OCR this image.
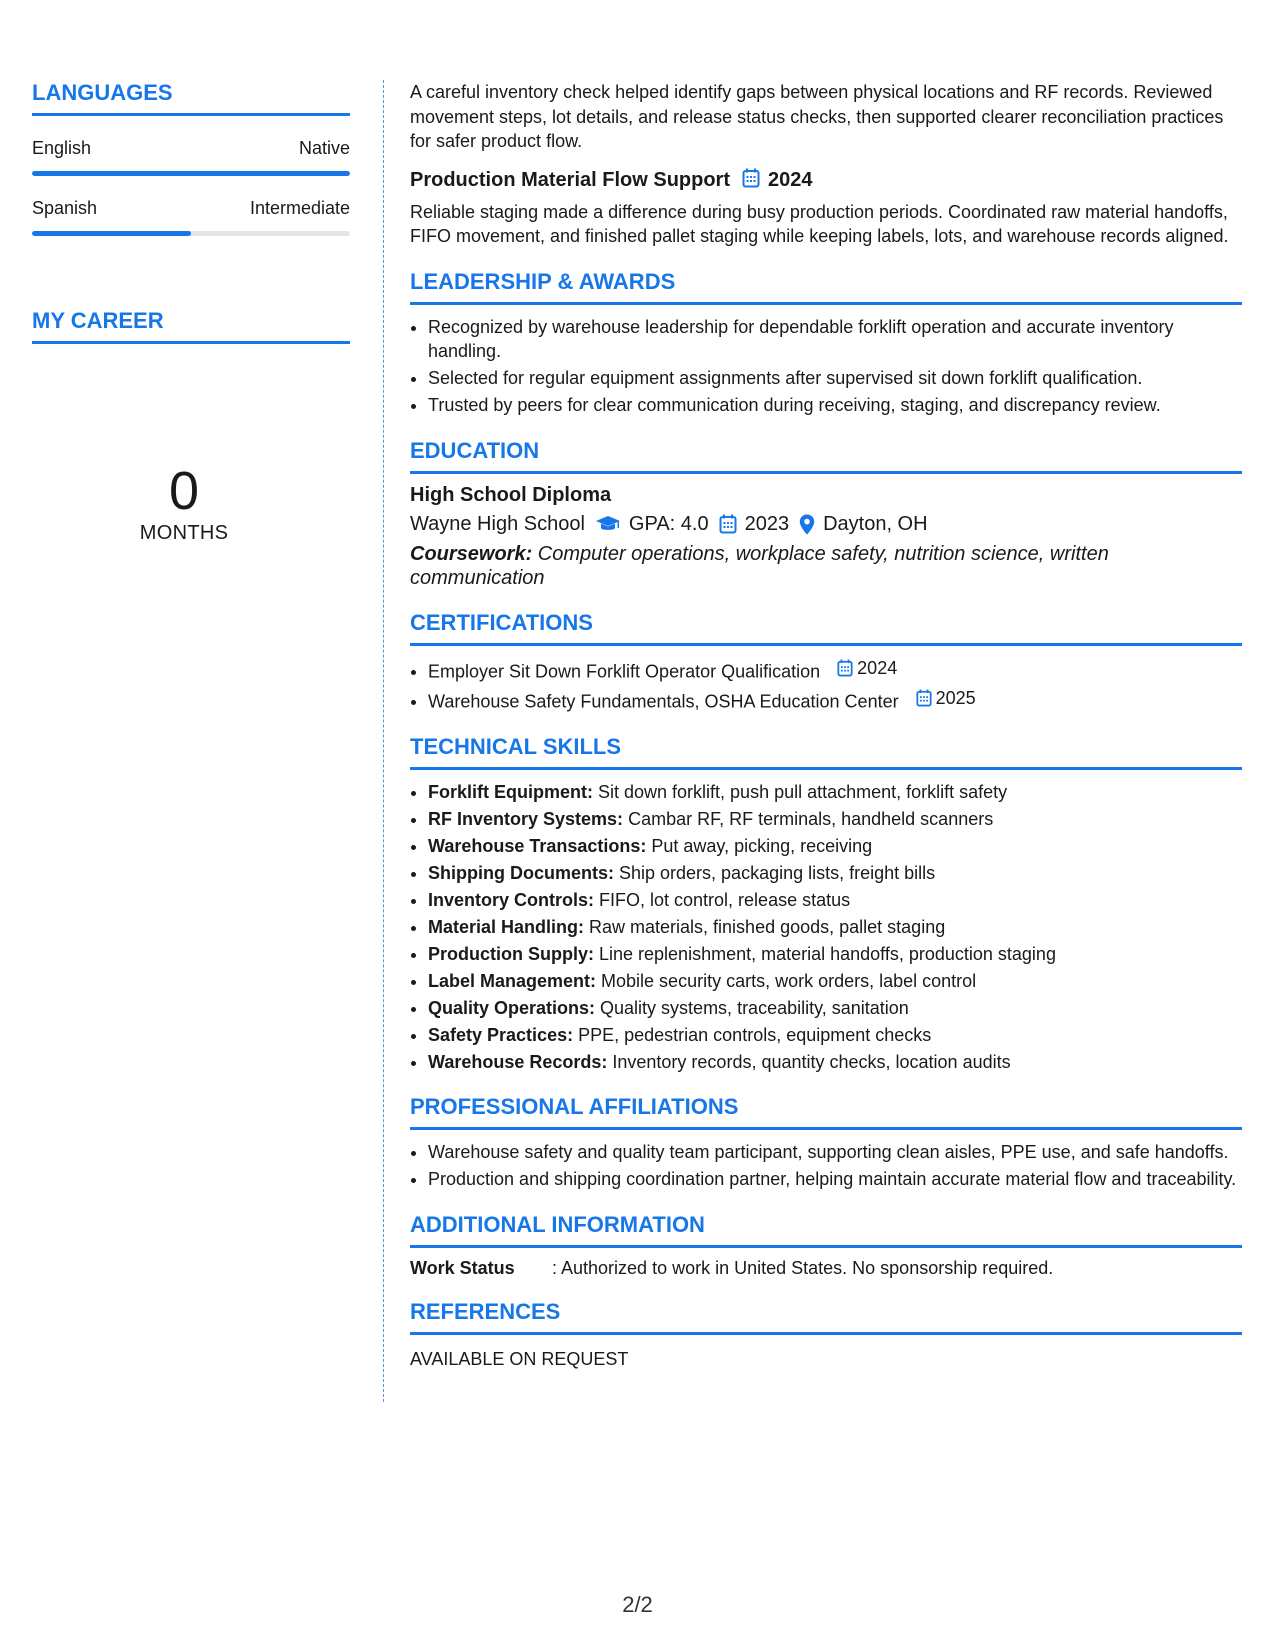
LANGUAGES
English	Native
Spanish	Intermediate
MY CAREER
0
MONTHS

A careful inventory check helped identify gaps between physical locations and RF records. Reviewed movement steps, lot details, and release status checks, then supported clearer reconciliation practices for safer product flow.

Production Material Flow Support 2024

Reliable staging made a difference during busy production periods. Coordinated raw material handoffs, FIFO movement, and finished pallet staging while keeping labels, lots, and warehouse records aligned.

LEADERSHIP & AWARDS
• Recognized by warehouse leadership for dependable forklift operation and accurate inventory handling.
• Selected for regular equipment assignments after supervised sit down forklift qualification.
• Trusted by peers for clear communication during receiving, staging, and discrepancy review.
EDUCATION
High School Diploma
Wayne High School GPA: 4.0 2023 Dayton, OH
Coursework: Computer operations, workplace safety, nutrition science, written communication
CERTIFICATIONS
• Employer Sit Down Forklift Operator Qualification 2024
• Warehouse Safety Fundamentals, OSHA Education Center 2025
TECHNICAL SKILLS
• Forklift Equipment: Sit down forklift, push pull attachment, forklift safety
• RF Inventory Systems: Cambar RF, RF terminals, handheld scanners
• Warehouse Transactions: Put away, picking, receiving
• Shipping Documents: Ship orders, packaging lists, freight bills
• Inventory Controls: FIFO, lot control, release status
• Material Handling: Raw materials, finished goods, pallet staging
• Production Supply: Line replenishment, material handoffs, production staging
• Label Management: Mobile security carts, work orders, label control
• Quality Operations: Quality systems, traceability, sanitation
• Safety Practices: PPE, pedestrian controls, equipment checks
• Warehouse Records: Inventory records, quantity checks, location audits
PROFESSIONAL AFFILIATIONS
• Warehouse safety and quality team participant, supporting clean aisles, PPE use, and safe handoffs.
• Production and shipping coordination partner, helping maintain accurate material flow and traceability.
ADDITIONAL INFORMATION
Work Status	: Authorized to work in United States. No sponsorship required.
REFERENCES
AVAILABLE ON REQUEST
2/2
